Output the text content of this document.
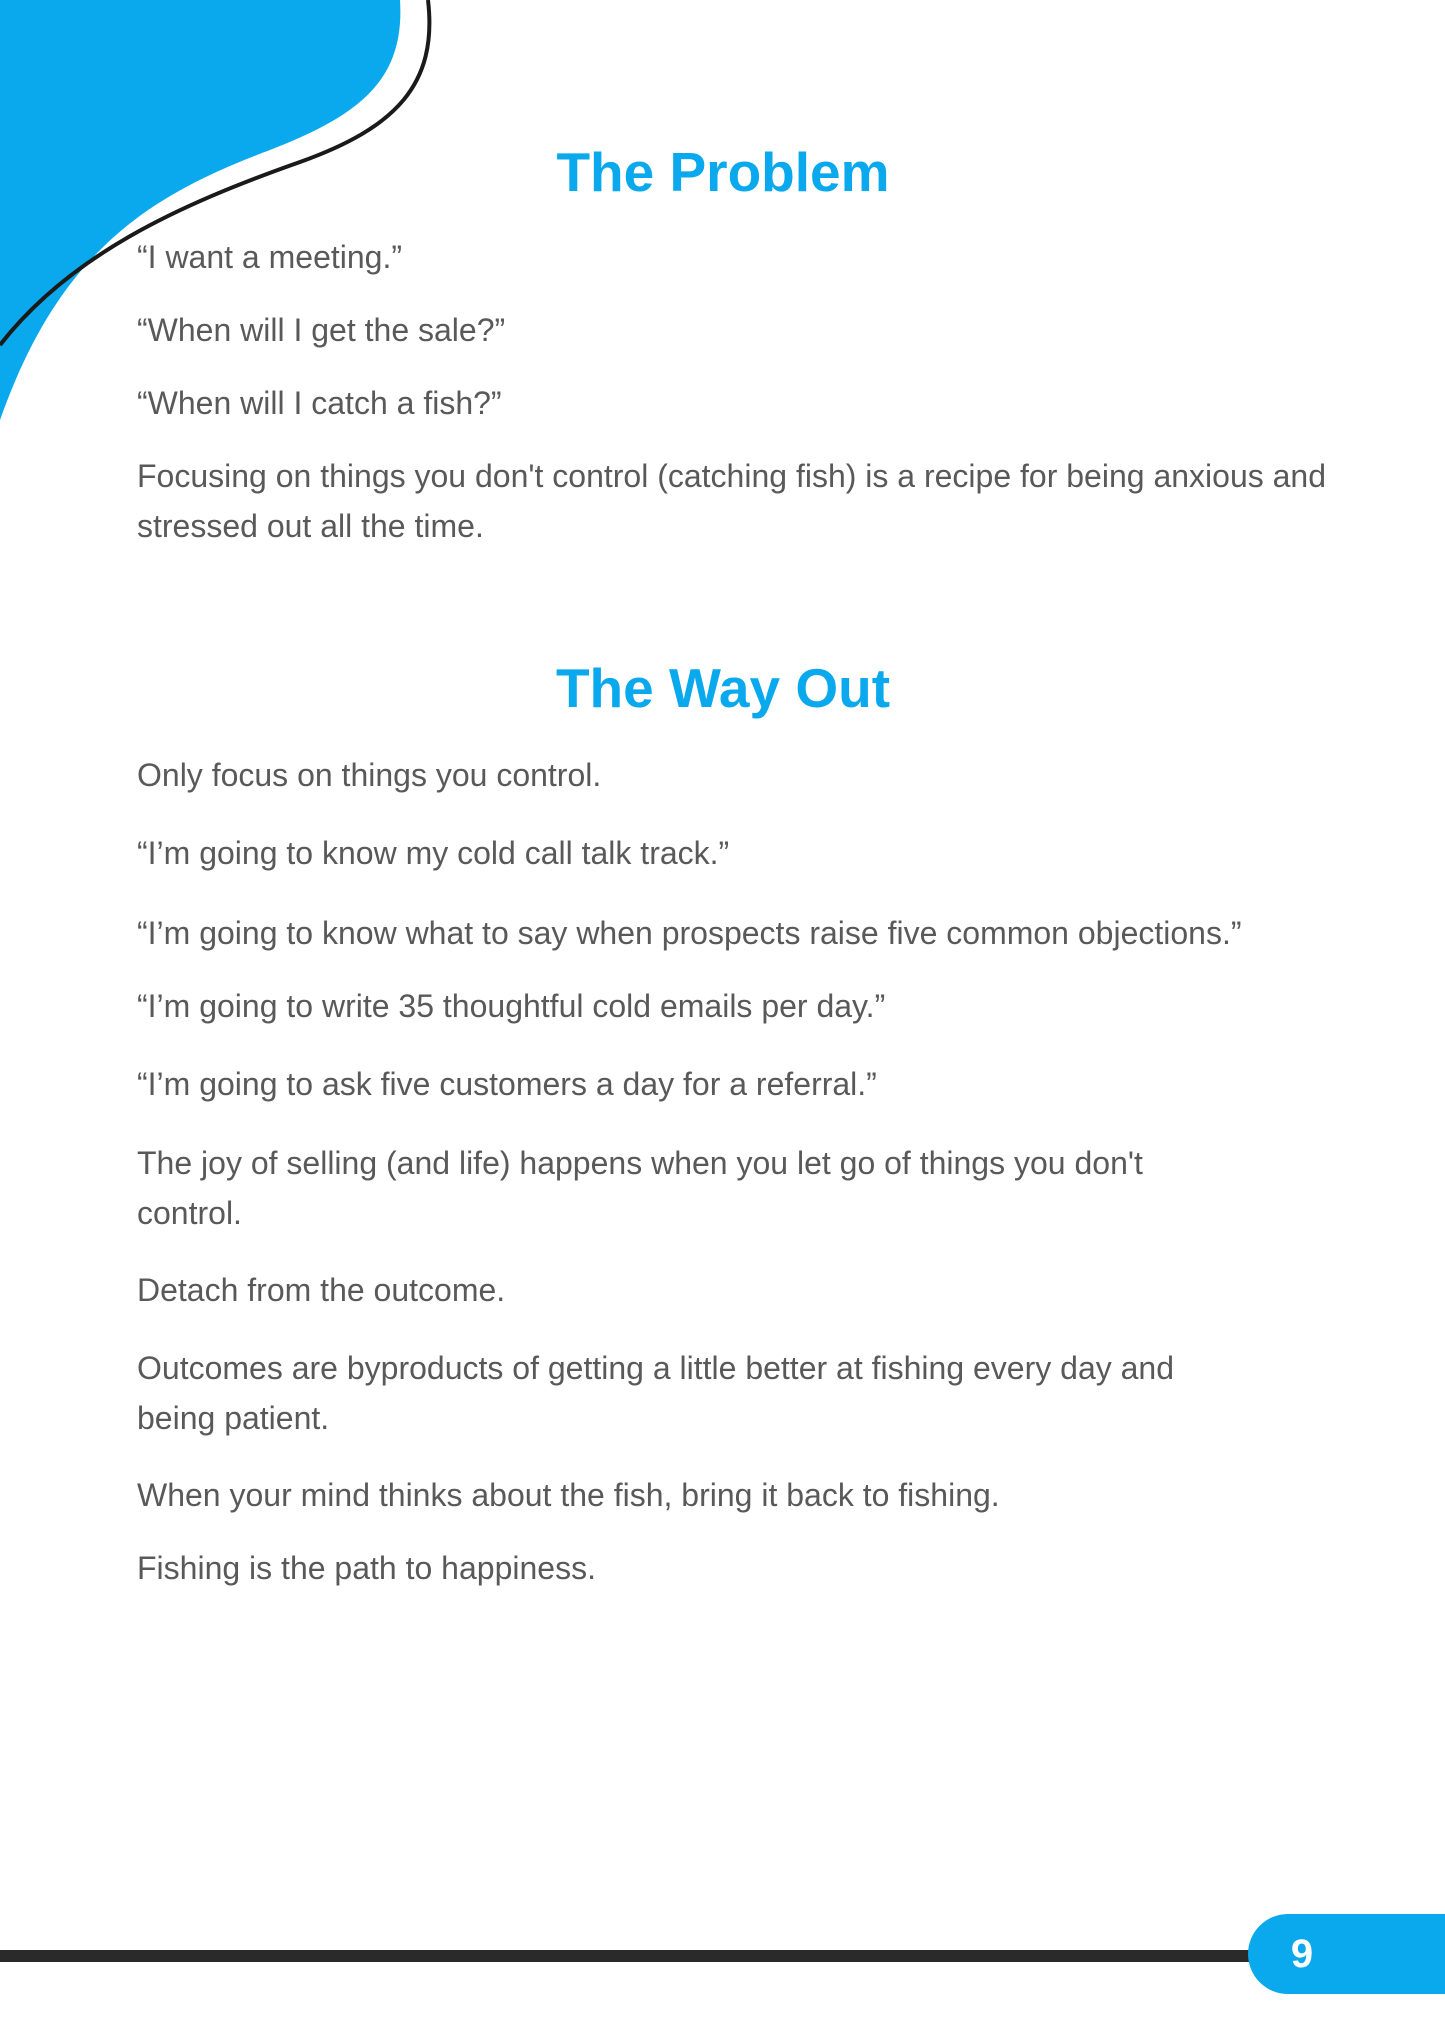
The Problem

“I want a meeting.”

“When will I get the sale?”

“When will I catch a fish?”

Focusing on things you don't control (catching fish) is a recipe for being anxious and stressed out all the time.

The Way Out

Only focus on things you control.

“I’m going to know my cold call talk track.”

“I’m going to know what to say when prospects raise five common objections.”

“I’m going to write 35 thoughtful cold emails per day.”

“I’m going to ask five customers a day for a referral.”

The joy of selling (and life) happens when you let go of things you don't control.

Detach from the outcome.

Outcomes are byproducts of getting a little better at fishing every day and being patient.

When your mind thinks about the fish, bring it back to fishing.

Fishing is the path to happiness.

9
